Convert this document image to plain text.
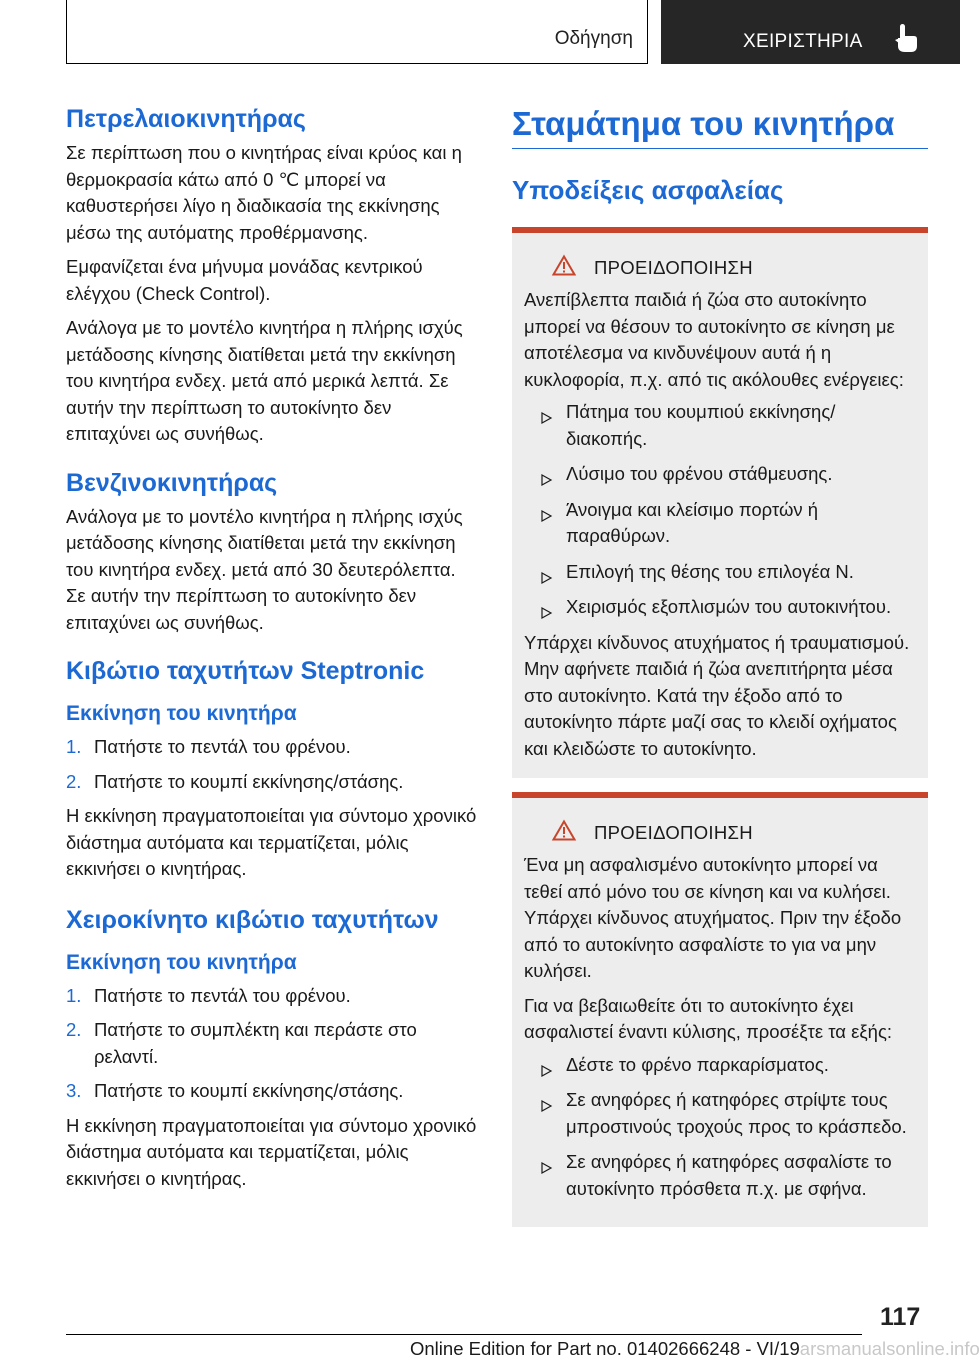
Οδήγηση	ΧΕΙΡΙΣΤΗΡΙΑ
Πετρελαιοκινητήρας

Σε περίπτωση που ο κινητήρας είναι κρύος και η θερμοκρασία κάτω από 0 ℃ μπορεί να καθυστερήσει λίγο η διαδικασία της εκκίνησης μέσω της αυτόματης προθέρμανσης.

Εμφανίζεται ένα μήνυμα μονάδας κεντρικού ελέγχου (Check Control).

Ανάλογα με το μοντέλο κινητήρα η πλήρης ισχύς μετάδοσης κίνησης διατίθεται μετά την εκκίνηση του κινητήρα ενδεχ. μετά από μερικά λεπτά. Σε αυτήν την περίπτωση το αυτοκίνητο δεν επιταχύνει ως συνήθως.

Βενζινοκινητήρας

Ανάλογα με το μοντέλο κινητήρα η πλήρης ισχύς μετάδοσης κίνησης διατίθεται μετά την εκκίνηση του κινητήρα ενδεχ. μετά από 30 δευτερόλεπτα. Σε αυτήν την περίπτωση το αυτοκίνητο δεν επιταχύνει ως συνήθως.

Κιβώτιο ταχυτήτων Steptronic
Εκκίνηση του κινητήρα
1. Πατήστε το πεντάλ του φρένου.
2. Πατήστε το κουμπί εκκίνησης/στάσης.

Η εκκίνηση πραγματοποιείται για σύντομο χρονικό διάστημα αυτόματα και τερματίζεται, μόλις εκκινήσει ο κινητήρας.

Χειροκίνητο κιβώτιο ταχυτήτων
Εκκίνηση του κινητήρα
1. Πατήστε το πεντάλ του φρένου.
2. Πατήστε το συμπλέκτη και περάστε στο ρελαντί.
3. Πατήστε το κουμπί εκκίνησης/στάσης.

Η εκκίνηση πραγματοποιείται για σύντομο χρονικό διάστημα αυτόματα και τερματίζεται, μόλις εκκινήσει ο κινητήρας.

Σταμάτημα του κινητήρα
Υποδείξεις ασφαλείας
ΠΡΟΕΙΔΟΠΟΙΗΣΗ

Ανεπίβλεπτα παιδιά ή ζώα στο αυτοκίνητο μπορεί να θέσουν το αυτοκίνητο σε κίνηση με αποτέλεσμα να κινδυνέψουν αυτά ή η κυκλοφορία, π.χ. από τις ακόλουθες ενέργειες:

Πάτημα του κουμπιού εκκίνησης/διακοπής.
Λύσιμο του φρένου στάθμευσης.
Άνοιγμα και κλείσιμο πορτών ή παραθύρων.
Επιλογή της θέσης του επιλογέα N.
Χειρισμός εξοπλισμών του αυτοκινήτου.

Υπάρχει κίνδυνος ατυχήματος ή τραυματισμού. Μην αφήνετε παιδιά ή ζώα ανεπιτήρητα μέσα στο αυτοκίνητο. Κατά την έξοδο από το αυτοκίνητο πάρτε μαζί σας το κλειδί οχήματος και κλειδώστε το αυτοκίνητο.

ΠΡΟΕΙΔΟΠΟΙΗΣΗ

Ένα μη ασφαλισμένο αυτοκίνητο μπορεί να τεθεί από μόνο του σε κίνηση και να κυλήσει. Υπάρχει κίνδυνος ατυχήματος. Πριν την έξοδο από το αυτοκίνητο ασφαλίστε το για να μην κυλήσει.

Για να βεβαιωθείτε ότι το αυτοκίνητο έχει ασφαλιστεί έναντι κύλισης, προσέξτε τα εξής:

Δέστε το φρένο παρκαρίσματος.
Σε ανηφόρες ή κατηφόρες στρίψτε τους μπροστινούς τροχούς προς το κράσπεδο.
Σε ανηφόρες ή κατηφόρες ασφαλίστε το αυτοκίνητο πρόσθετα π.χ. με σφήνα.
117
Online Edition for Part no. 01402666248 - VI/19arsmanualsonline.info
